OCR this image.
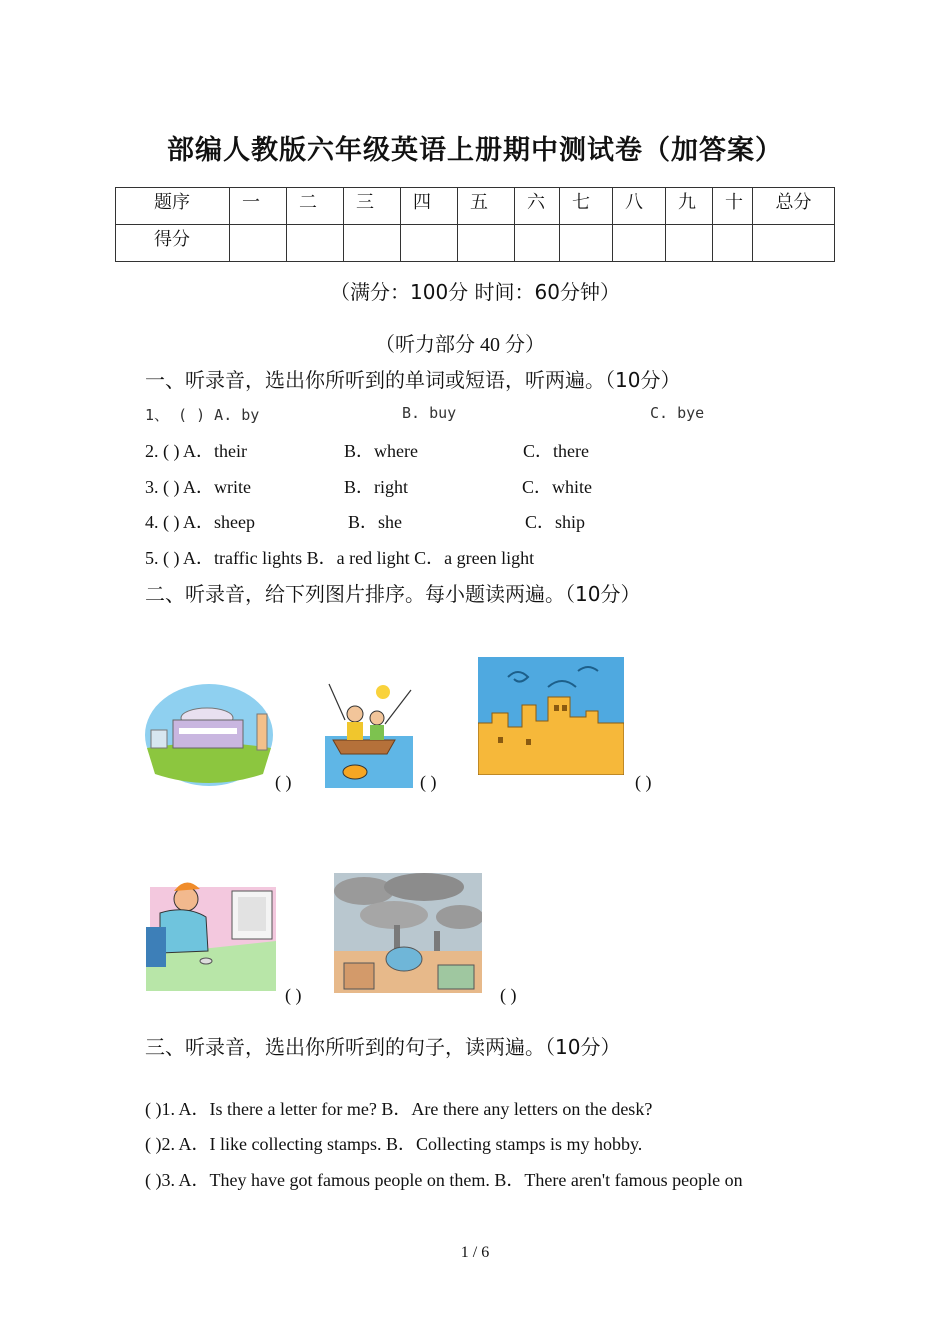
部编人教版六年级英语上册期中测试卷（加答案）
题序	一	二	三	四	五	六	七	八	九	十	总分
得分											
（满分：100分 时间：60分钟）
（听力部分 40 分）
一、听录音，选出你所听到的单词或短语，听两遍。（10分）
1、 ( ) A. by	B. buy	C. bye
2. ( ) A．their	B．where	C．there
3. ( ) A．write	B．right	C．white
4. ( ) A．sheep	B．she	C．ship
5. ( ) A．traffic lights B．a red light C．a green light
二、听录音，给下列图片排序。每小题读两遍。（10分）
( )	( )	( )
( )	( )
三、听录音，选出你所听到的句子，读两遍。（10分）
( )1. A．Is there a letter for me? B．Are there any letters on the desk?
( )2. A．I like collecting stamps. B．Collecting stamps is my hobby.
( )3. A．They have got famous people on them. B．There aren't famous people on
1 / 6
